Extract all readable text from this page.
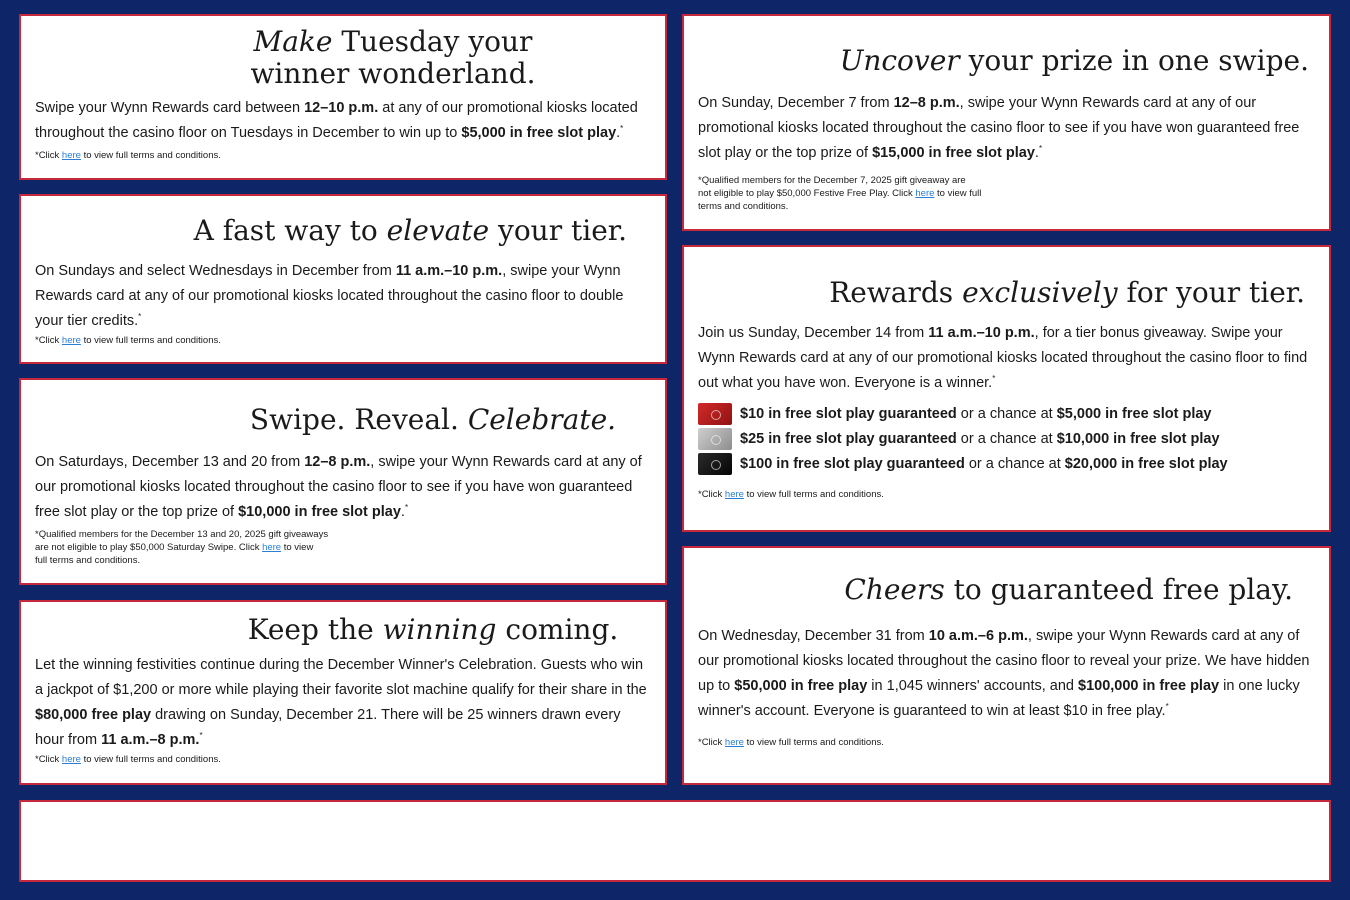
Make Tuesday your
winner wonderland.

Swipe your Wynn Rewards card between 12–10 p.m. at any of our promotional kiosks located throughout the casino floor on Tuesdays in December to win up to $5,000 in free slot play.*

*Click here to view full terms and conditions.

A fast way to elevate your tier.

On Sundays and select Wednesdays in December from 11 a.m.–10 p.m., swipe your Wynn Rewards card at any of our promotional kiosks located throughout the casino floor to double your tier credits.*

*Click here to view full terms and conditions.

Swipe. Reveal. Celebrate.

On Saturdays, December 13 and 20 from 12–8 p.m., swipe your Wynn Rewards card at any of our promotional kiosks located throughout the casino floor to see if you have won guaranteed free slot play or the top prize of $10,000 in free slot play.*

*Qualified members for the December 13 and 20, 2025 gift giveaways
are not eligible to play $50,000 Saturday Swipe. Click here to view
full terms and conditions.

Keep the winning coming.

Let the winning festivities continue during the December Winner's Celebration. Guests who win a jackpot of $1,200 or more while playing their favorite slot machine qualify for their share in the $80,000 free play drawing on Sunday, December 21. There will be 25 winners drawn every hour from 11 a.m.–8 p.m.*

*Click here to view full terms and conditions.

Uncover your prize in one swipe.

On Sunday, December 7 from 12–8 p.m., swipe your Wynn Rewards card at any of our promotional kiosks located throughout the casino floor to see if you have won guaranteed free slot play or the top prize of $15,000 in free slot play.*

*Qualified members for the December 7, 2025 gift giveaway are
not eligible to play $50,000 Festive Free Play. Click here to view full
terms and conditions.

Rewards exclusively for your tier.

Join us Sunday, December 14 from 11 a.m.–10 p.m., for a tier bonus giveaway. Swipe your Wynn Rewards card at any of our promotional kiosks located throughout the casino floor to find out what you have won. Everyone is a winner.*

$10 in free slot play guaranteed or a chance at $5,000 in free slot play
$25 in free slot play guaranteed or a chance at $10,000 in free slot play
$100 in free slot play guaranteed or a chance at $20,000 in free slot play

*Click here to view full terms and conditions.

Cheers to guaranteed free play.

On Wednesday, December 31 from 10 a.m.–6 p.m., swipe your Wynn Rewards card at any of our promotional kiosks located throughout the casino floor to reveal your prize. We have hidden up to $50,000 in free play in 1,045 winners' accounts, and $100,000 in free play in one lucky winner's account. Everyone is guaranteed to win at least $10 in free play.*

*Click here to view full terms and conditions.
